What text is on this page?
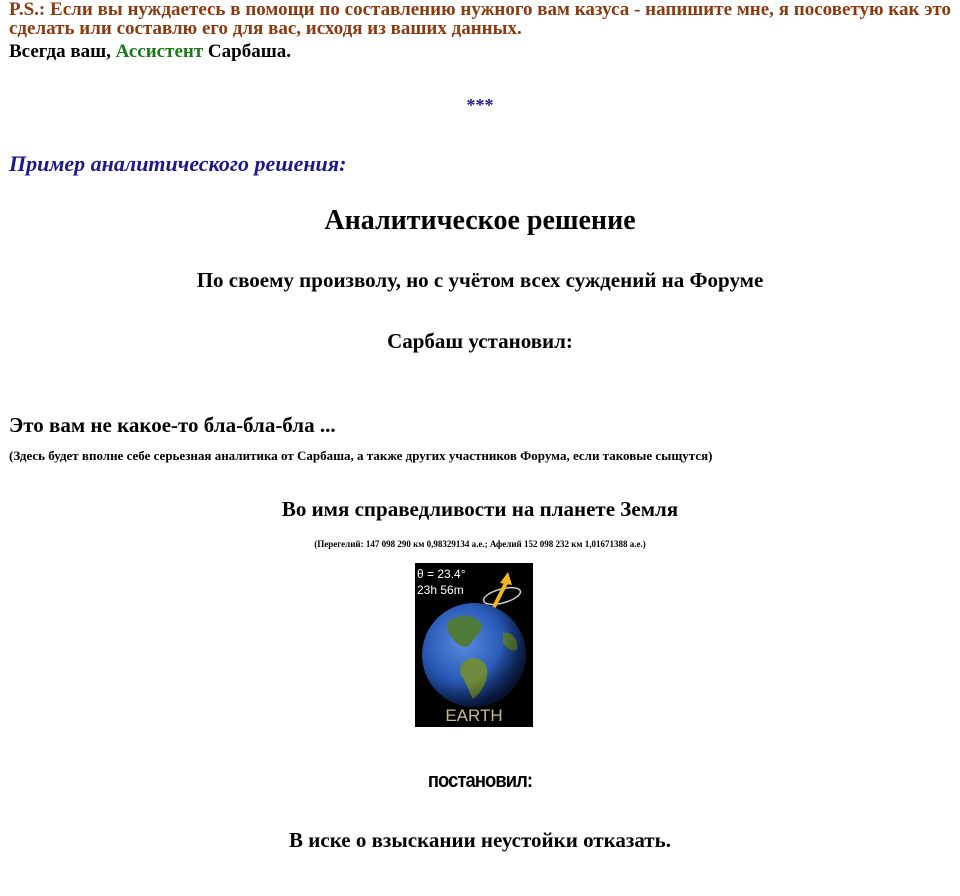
P.S.: Если вы нуждаетесь в помощи по составлению нужного вам казуса - напишите мне, я посоветую как это сделать или составлю его для вас, исходя из ваших данных.
Всегда ваш, Ассистент Сарбаша.
***
Пример аналитического решения:
Аналитическое решение
По своему произволу, но с учётом всех суждений на Форуме
Сарбаш установил:
Это вам не какое-то бла-бла-бла ...
(Здесь будет вполне себе серьезная аналитика от Сарбаша, а также других участников Форума, если таковые сыщутся)
Во имя справедливости на планете Земля
(Перегелий: 147 098 290 км 0,98329134 а.е.; Афелий 152 098 232 км 1,01671388 а.е.)
θ = 23.4°
23h 56m
EARTH
постановил:
В иске о взыскании неустойки отказать.
